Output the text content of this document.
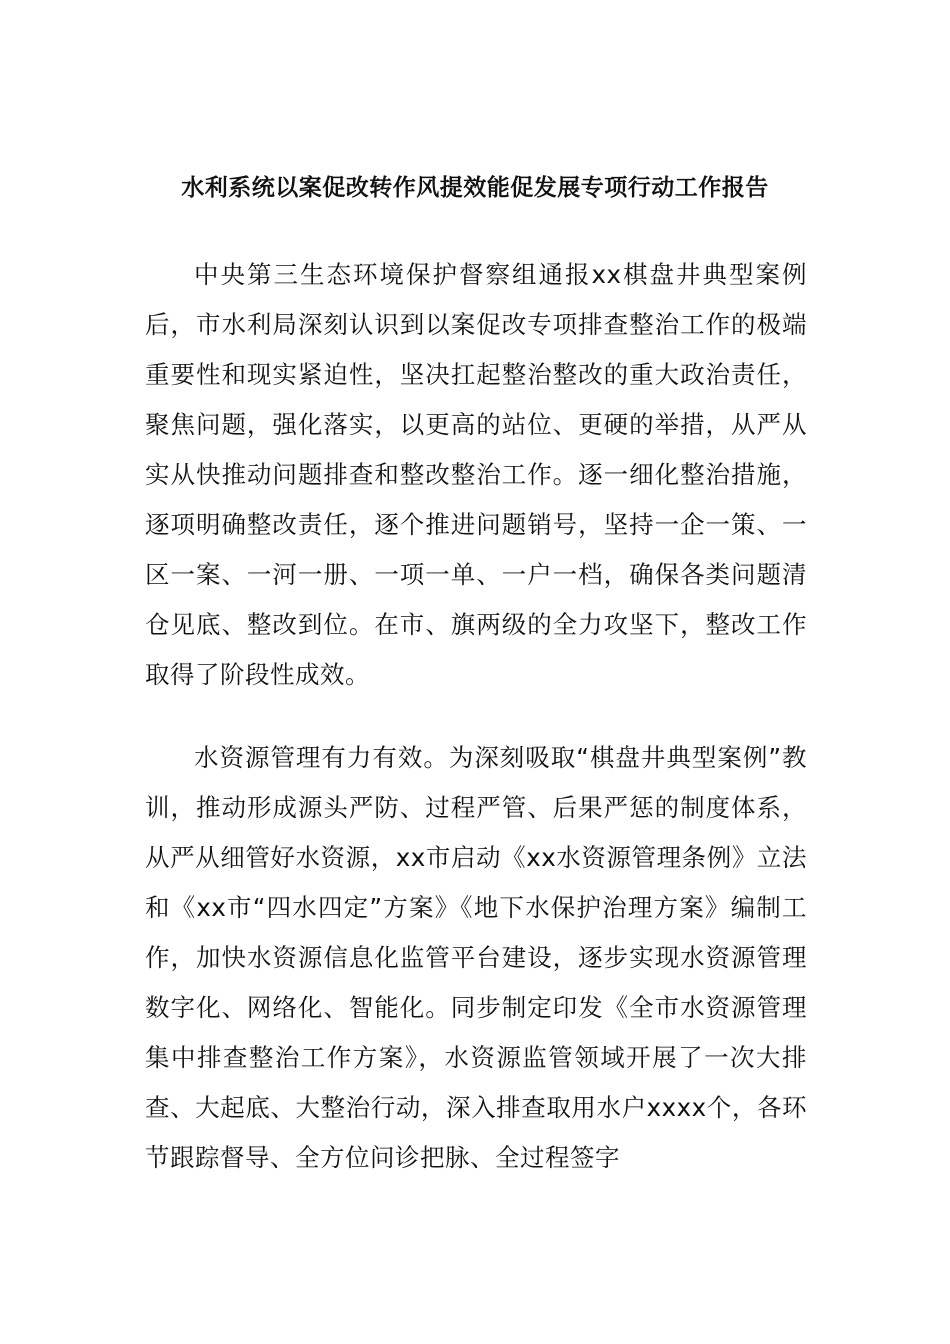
水利系统以案促改转作风提效能促发展专项行动工作报告

中央第三生态环境保护督察组通报xx棋盘井典型案例后，市水利局深刻认识到以案促改专项排查整治工作的极端重要性和现实紧迫性，坚决扛起整治整改的重大政治责任，聚焦问题，强化落实，以更高的站位、更硬的举措，从严从实从快推动问题排查和整改整治工作。逐一细化整治措施，逐项明确整改责任，逐个推进问题销号，坚持一企一策、一区一案、一河一册、一项一单、一户一档，确保各类问题清仓见底、整改到位。在市、旗两级的全力攻坚下，整改工作取得了阶段性成效。

水资源管理有力有效。为深刻吸取“棋盘井典型案例”教训，推动形成源头严防、过程严管、后果严惩的制度体系，从严从细管好水资源，xx市启动《xx水资源管理条例》立法和《xx市“四水四定”方案》《地下水保护治理方案》编制工作，加快水资源信息化监管平台建设，逐步实现水资源管理数字化、网络化、智能化。同步制定印发《全市水资源管理集中排查整治工作方案》，水资源监管领域开展了一次大排查、大起底、大整治行动，深入排查取用水户xxxx个，各环节跟踪督导、全方位问诊把脉、全过程签字
